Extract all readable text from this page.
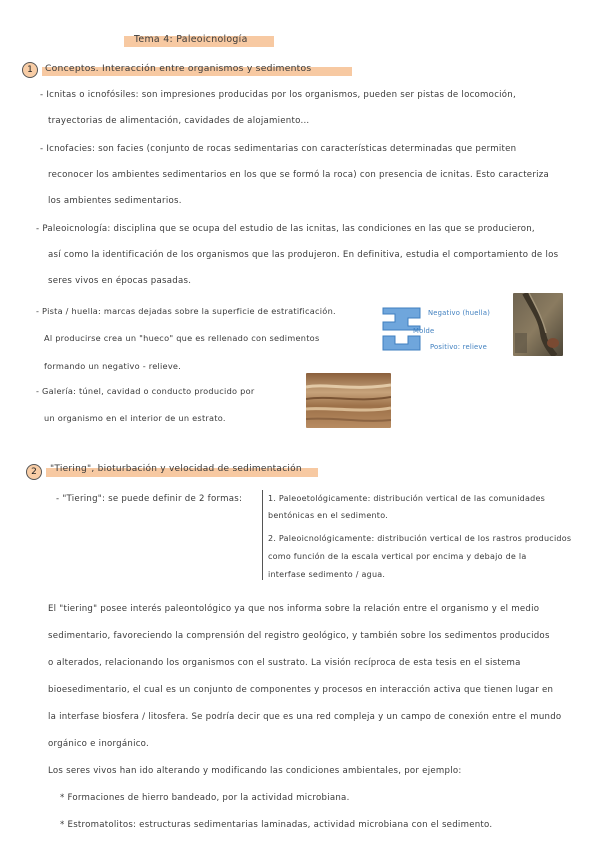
Tema 4: Paleoicnología
1	Conceptos. Interacción entre organismos y sedimentos
- Icnitas o icnofósiles: son impresiones producidas por los organismos, pueden ser pistas de locomoción,
trayectorias de alimentación, cavidades de alojamiento...
- Icnofacies: son facies (conjunto de rocas sedimentarias con características determinadas que permiten
reconocer los ambientes sedimentarios en los que se formó la roca) con presencia de icnitas. Esto caracteriza
los ambientes sedimentarios.
- Paleoicnología: disciplina que se ocupa del estudio de las icnitas, las condiciones en las que se producieron,
así como la identificación de los organismos que las produjeron. En definitiva, estudia el comportamiento de los
seres vivos en épocas pasadas.
- Pista / huella: marcas dejadas sobre la superficie de estratificación.
Al producirse crea un "hueco" que es rellenado con sedimentos
formando un negativo - relieve.
- Galería: túnel, cavidad o conducto producido por
un organismo en el interior de un estrato.
Negativo (huella)
Molde
Positivo: relieve
2	"Tiering", bioturbación y velocidad de sedimentación
- "Tiering": se puede definir de 2 formas:	1. Paleoetológicamente: distribución vertical de las comunidades
bentónicas en el sedimento.
2. Paleoicnológicamente: distribución vertical de los rastros producidos
como función de la escala vertical por encima y debajo de la
interfase sedimento / agua.
El "tiering" posee interés paleontológico ya que nos informa sobre la relación entre el organismo y el medio
sedimentario, favoreciendo la comprensión del registro geológico, y también sobre los sedimentos producidos
o alterados, relacionando los organismos con el sustrato. La visión recíproca de esta tesis en el sistema
bioesedimentario, el cual es un conjunto de componentes y procesos en interacción activa que tienen lugar en
la interfase biosfera / litosfera. Se podría decir que es una red compleja y un campo de conexión entre el mundo
orgánico e inorgánico.
Los seres vivos han ido alterando y modificando las condiciones ambientales, por ejemplo:
* Formaciones de hierro bandeado, por la actividad microbiana.
* Estromatolitos: estructuras sedimentarias laminadas, actividad microbiana con el sedimento.
